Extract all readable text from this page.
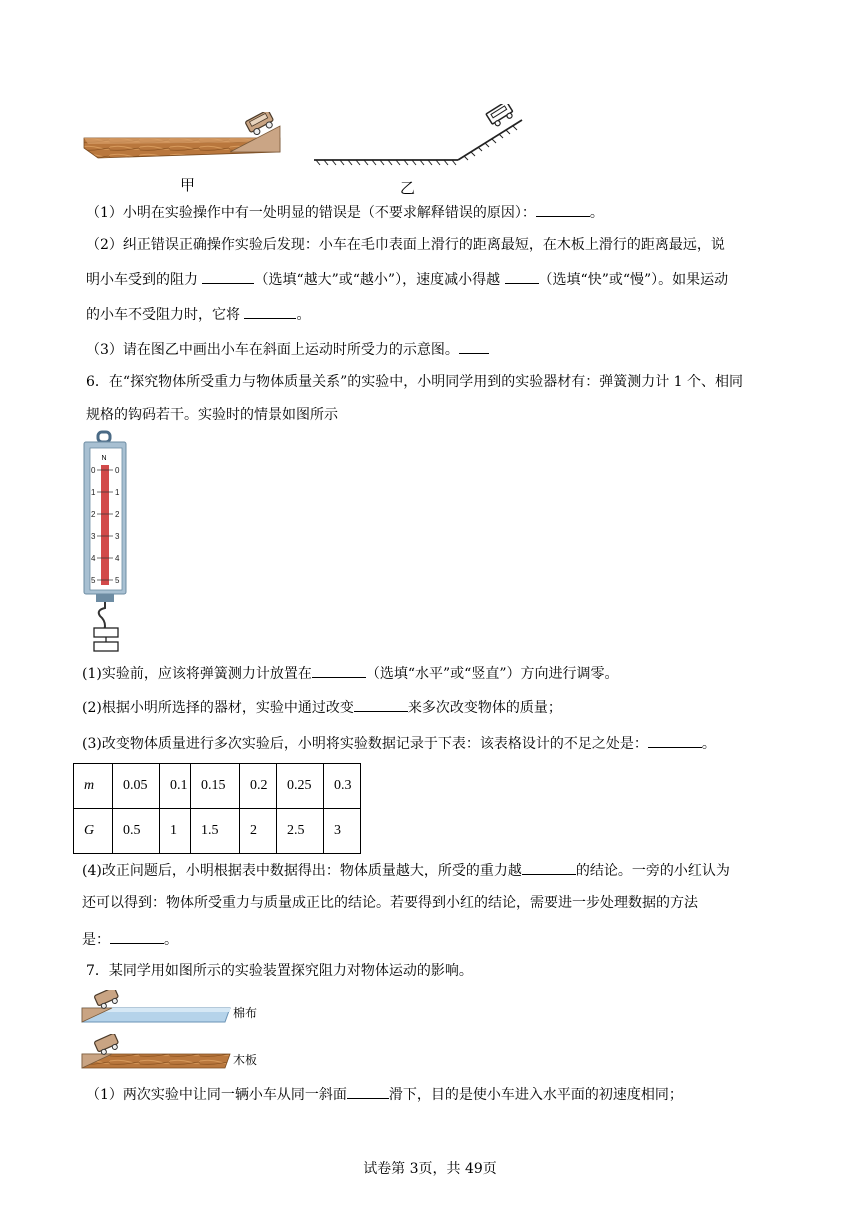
甲	乙
（1）小明在实验操作中有一处明显的错误是（不要求解释错误的原因）：	。
（2）纠正错误正确操作实验后发现：小车在毛巾表面上滑行的距离最短，在木板上滑行的距离最远，说
明小车受到的阻力	（选填“越大”或“越小”），速度减小得越 （选填“快”或“慢”）。如果运动
的小车不受阻力时，它将	。
（3）请在图乙中画出小车在斜面上运动时所受力的示意图。
6．在“探究物体所受重力与物体质量关系”的实验中，小明同学用到的实验器材有：弹簧测力计 1 个、相同
规格的钩码若干。实验时的情景如图所示
N
0 0
1 1
2 2
3 3
4 4
5 5
(1)实验前，应该将弹簧测力计放置在	（选填“水平”或“竖直”）方向进行调零。
(2)根据小明所选择的器材，实验中通过改变	来多次改变物体的质量；
(3)改变物体质量进行多次实验后，小明将实验数据记录于下表：该表格设计的不足之处是：	。
m	0.05	0.1	0.15	0.2	0.25	0.3
G	0.5	1	1.5	2	2.5	3
(4)改正问题后，小明根据表中数据得出：物体质量越大，所受的重力越	的结论。一旁的小红认为
还可以得到：物体所受重力与质量成正比的结论。若要得到小红的结论，需要进一步处理数据的方法
是：	。
7．某同学用如图所示的实验装置探究阻力对物体运动的影响。
棉布
木板
（1）两次实验中让同一辆小车从同一斜面	滑下，目的是使小车进入水平面的初速度相同；
试卷第 3页，共 49页
